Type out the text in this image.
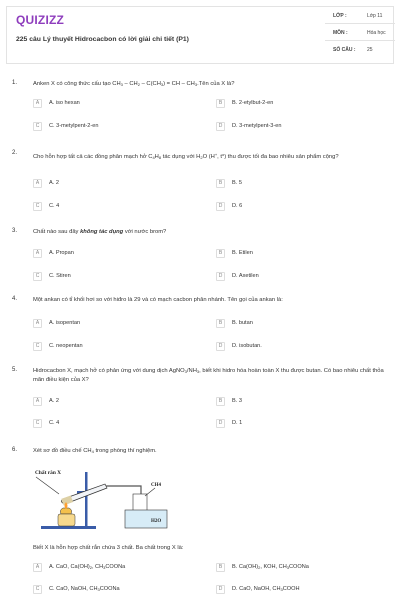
QUIZIZZ
225 câu Lý thuyết Hidrocacbon có lời giải chi tiết (P1)
LỚP :	Lớp 11
MÔN :	Hóa học
SỐ CÂU : 25
1.	Anken X có công thức cấu tạo $CH_3 - CH_2 - C(CH_3)$ = CH – $CH_3.Tên$ của X là?
A	A. iso hexan	B	B. 2-etylbut-2-en
C	C. 3-metylpent-2-en	D	D. 3-metylpent-3-en
2.
Cho hỗn hợp tất cả các đồng phân mạch hở $C_4H_8$ tác dụng với $H_2O$ (H+, $t^o$) thu được tối đa bao nhiêu sản phẩm cộng?
A	A. 2	B	B. 5
C	C. 4	D	D. 6
3.	Chất nào sau đây không tác dụng với nước brom?
A	A. Propan	B	B. Etilen
C	C. Stiren	D	D. Axetilen
4.	Một ankan có tỉ khối hơi so với hiđro là 29 và có mạch cacbon phân nhánh. Tên gọi của ankan là:
A	A. isopentan	B	B. butan
C	C. neopentan	D	D. isobutan.
5.	Hidrocacbon X, mạch hở có phản ứng với dung dịch $AgNO_3/NH_3$, biết khi hidro hóa hoàn toàn X thu được butan. Có bao nhiêu chất thỏa mãn điều kiện của X?
A	A. 2	B	B. 3
C	C. 4	D	D. 1
6.	Xét sơ đồ điều chế $CH_4$ trong phòng thí nghiệm.
Chất rắn X
CH4
H2O
Biết X là hỗn hợp chất rắn chứa 3 chất. Ba chất trong X là:
A	A. CaO, $Ca(OH)_2$, $CH_3COONa$	B	B. $Ca(OH)_2$, KOH, $CH_3COONa$
C	C. CaO, NaOH, $CH_3COONa$	D	D. CaO, NaOH, $CH_3COOH$
